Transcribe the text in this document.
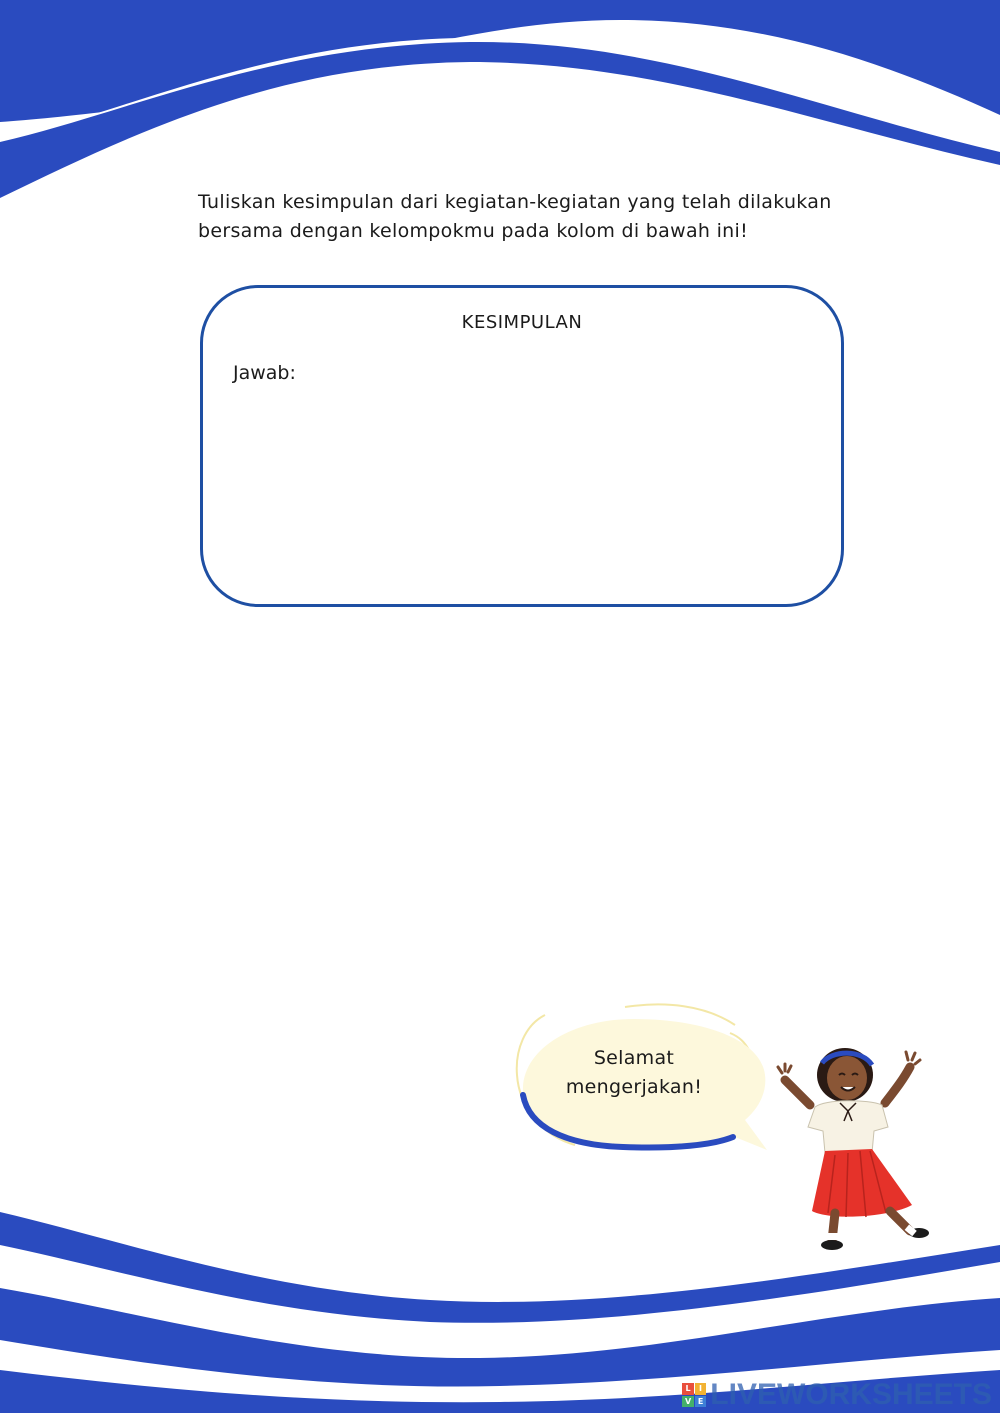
Tuliskan kesimpulan dari kegiatan-kegiatan yang telah dilakukan bersama dengan kelompokmu pada kolom di bawah ini!

KESIMPULAN
Jawab:
Selamat
mengerjakan!
L	I
V E LIVEWORKSHEETS
